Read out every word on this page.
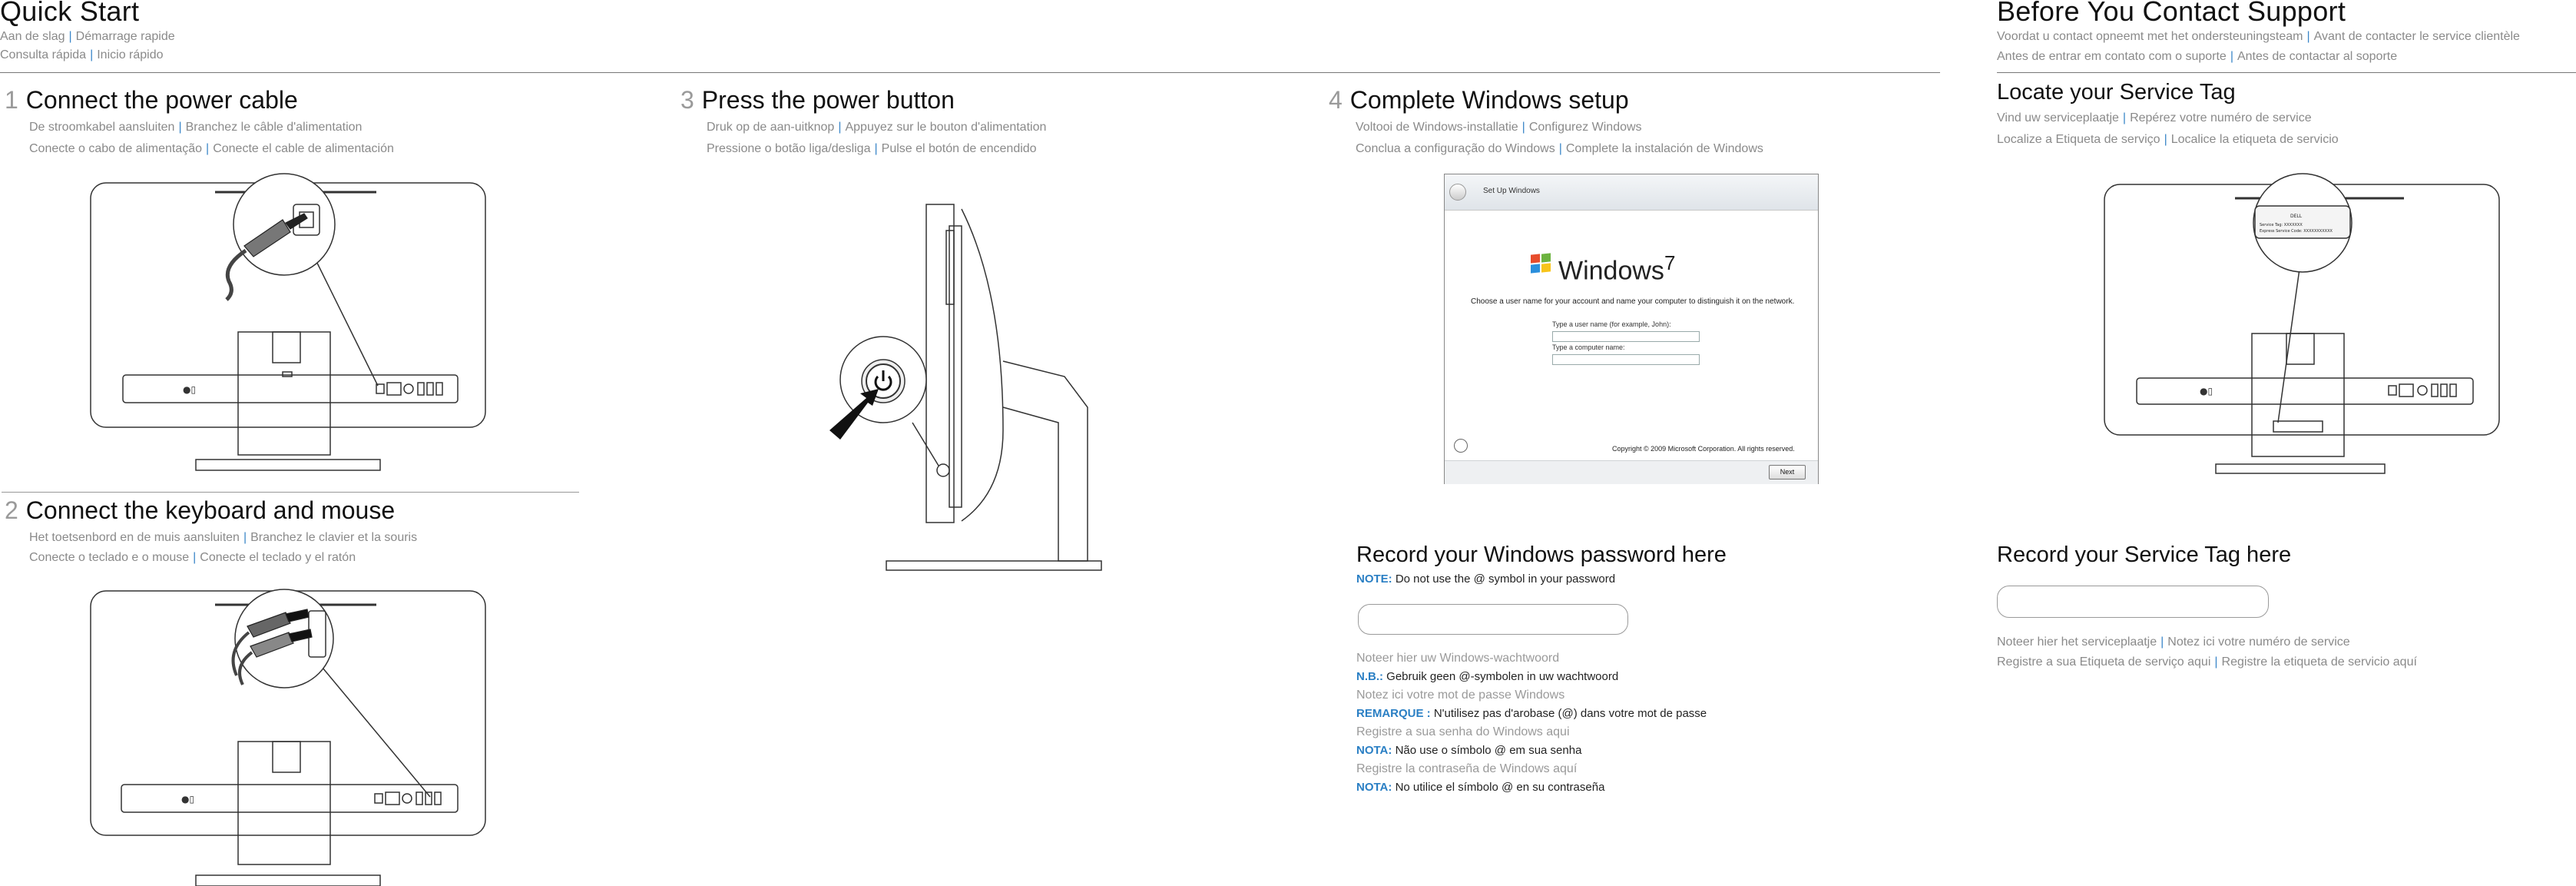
Quick Start
Aan de slag | Démarrage rapide
Consulta rápida | Inicio rápido
Before You Contact Support
Voordat u contact opneemt met het ondersteuningsteam | Avant de contacter le service clientèle
Antes de entrar em contato com o suporte | Antes de contactar al soporte
1 Connect the power cable
De stroomkabel aansluiten | Branchez le câble d'alimentation
Conecte o cabo de alimentação | Conecte el cable de alimentación
●▯
2 Connect the keyboard and mouse
Het toetsenbord en de muis aansluiten | Branchez le clavier et la souris
Conecte o teclado e o mouse | Conecte el teclado y el ratón
●▯
3 Press the power button
Druk op de aan-uitknop | Appuyez sur le bouton d'alimentation
Pressione o botão liga/desliga | Pulse el botón de encendido
4 Complete Windows setup
Voltooi de Windows-installatie | Configurez Windows
Conclua a configuração do Windows | Complete la instalación de Windows
Set Up Windows
Windows$^7$
Choose a user name for your account and name your computer to distinguish it on the network.
Type a user name (for example, John):
Type a computer name:
Copyright © 2009 Microsoft Corporation. All rights reserved.
Next
Record your Windows password here
NOTE: Do not use the @ symbol in your password
Noteer hier uw Windows-wachtwoord
N.B.: Gebruik geen @-symbolen in uw wachtwoord
Notez ici votre mot de passe Windows
REMARQUE : N'utilisez pas d'arobase (@) dans votre mot de passe
Registre a sua senha do Windows aqui
NOTA: Não use o símbolo @ em sua senha
Registre la contraseña de Windows aquí
NOTA: No utilice el símbolo @ en su contraseña
Locate your Service Tag
Vind uw serviceplaatje | Repérez votre numéro de service
Localize a Etiqueta de serviço | Localice la etiqueta de servicio
●▯
DELL
Service Tag: XXXXXXX
Express Service Code: XXXXXXXXXXX
Record your Service Tag here
Noteer hier het serviceplaatje | Notez ici votre numéro de service
Registre a sua Etiqueta de serviço aqui | Registre la etiqueta de servicio aquí
